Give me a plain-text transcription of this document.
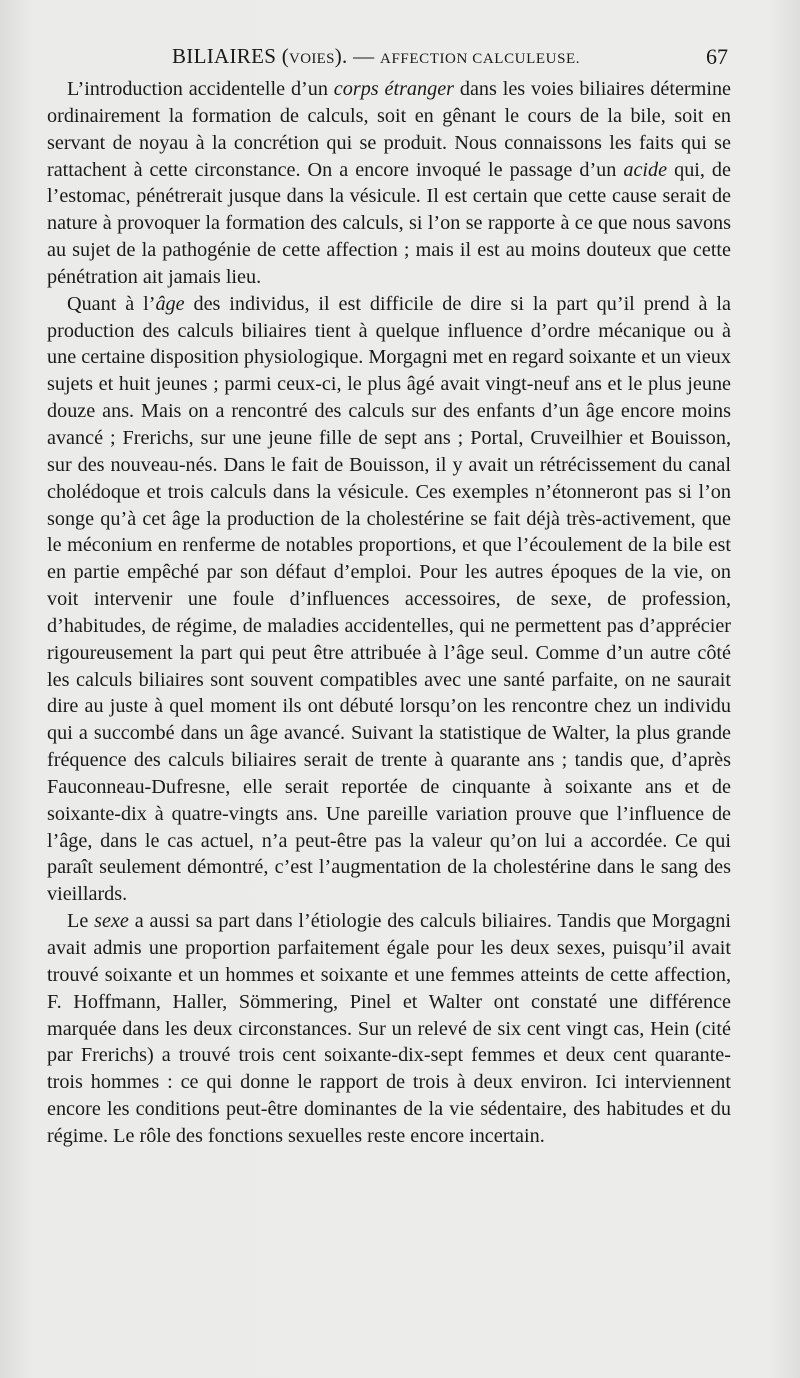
BILIAIRES (voies). — AFFECTION CALCULEUSE.	67

L’introduction accidentelle d’un corps étranger dans les voies biliaires détermine ordinairement la formation de calculs, soit en gênant le cours de la bile, soit en servant de noyau à la concrétion qui se produit. Nous connaissons les faits qui se rattachent à cette circonstance. On a encore invoqué le passage d’un acide qui, de l’estomac, pénétrerait jusque dans la vésicule. Il est certain que cette cause serait de nature à provoquer la formation des calculs, si l’on se rapporte à ce que nous savons au sujet de la pathogénie de cette affection ; mais il est au moins douteux que cette pénétration ait jamais lieu.

Quant à l’âge des individus, il est difficile de dire si la part qu’il prend à la production des calculs biliaires tient à quelque influence d’ordre mécanique ou à une certaine disposition physiologique. Morgagni met en regard soixante et un vieux sujets et huit jeunes ; parmi ceux-ci, le plus âgé avait vingt-neuf ans et le plus jeune douze ans. Mais on a rencontré des calculs sur des enfants d’un âge encore moins avancé ; Frerichs, sur une jeune fille de sept ans ; Portal, Cruveilhier et Bouisson, sur des nouveau-nés. Dans le fait de Bouisson, il y avait un rétrécissement du canal cholédoque et trois calculs dans la vésicule. Ces exemples n’étonneront pas si l’on songe qu’à cet âge la production de la cholestérine se fait déjà très-activement, que le méconium en renferme de notables proportions, et que l’écoulement de la bile est en partie empêché par son défaut d’emploi. Pour les autres époques de la vie, on voit intervenir une foule d’influences accessoires, de sexe, de profession, d’habitudes, de régime, de maladies accidentelles, qui ne permettent pas d’apprécier rigoureusement la part qui peut être attribuée à l’âge seul. Comme d’un autre côté les calculs biliaires sont souvent compatibles avec une santé parfaite, on ne saurait dire au juste à quel moment ils ont débuté lorsqu’on les rencontre chez un individu qui a succombé dans un âge avancé. Suivant la statistique de Walter, la plus grande fréquence des calculs biliaires serait de trente à quarante ans ; tandis que, d’après Fauconneau-Dufresne, elle serait reportée de cinquante à soixante ans et de soixante-dix à quatre-vingts ans. Une pareille variation prouve que l’influence de l’âge, dans le cas actuel, n’a peut-être pas la valeur qu’on lui a accordée. Ce qui paraît seulement démontré, c’est l’augmentation de la cholestérine dans le sang des vieillards.

Le sexe a aussi sa part dans l’étiologie des calculs biliaires. Tandis que Morgagni avait admis une proportion parfaitement égale pour les deux sexes, puisqu’il avait trouvé soixante et un hommes et soixante et une femmes atteints de cette affection, F. Hoffmann, Haller, Sömmering, Pinel et Walter ont constaté une différence marquée dans les deux circonstances. Sur un relevé de six cent vingt cas, Hein (cité par Frerichs) a trouvé trois cent soixante-dix-sept femmes et deux cent quarante-trois hommes : ce qui donne le rapport de trois à deux environ. Ici interviennent encore les conditions peut-être dominantes de la vie sédentaire, des habitudes et du régime. Le rôle des fonctions sexuelles reste encore incertain.
